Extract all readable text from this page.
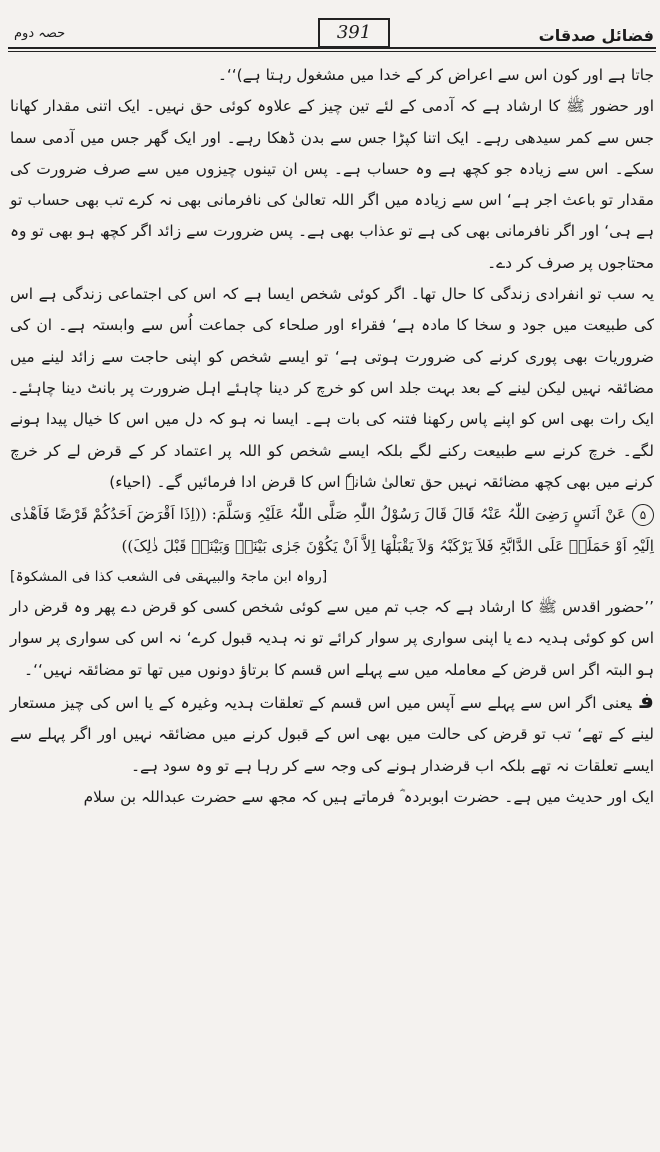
حصہ دوم	391	فضائل صدقات

جاتا ہے اور کون اس سے اعراض کر کے خدا میں مشغول رہتا ہے)‘‘۔

اور حضور ﷺ کا ارشاد ہے کہ آدمی کے لئے تین چیز کے علاوہ کوئی حق نہیں۔ ایک اتنی مقدار کھانا جس سے کمر سیدھی رہے۔ ایک اتنا کپڑا جس سے بدن ڈھکا رہے۔ اور ایک گھر جس میں آدمی سما سکے۔ اس سے زیادہ جو کچھ ہے وہ حساب ہے۔ پس ان تینوں چیزوں میں سے صرف ضرورت کی مقدار تو باعث اجر ہے‘ اس سے زیادہ میں اگر اللہ تعالیٰ کی نافرمانی بھی نہ کرے تب بھی حساب تو ہے ہی‘ اور اگر نافرمانی بھی کی ہے تو عذاب بھی ہے۔ پس ضرورت سے زائد اگر کچھ ہو بھی تو وہ محتاجوں پر صرف کر دے۔

یہ سب تو انفرادی زندگی کا حال تھا۔ اگر کوئی شخص ایسا ہے کہ اس کی اجتماعی زندگی ہے اس کی طبیعت میں جود و سخا کا مادہ ہے‘ فقراء اور صلحاء کی جماعت اُس سے وابستہ ہے۔ ان کی ضروریات بھی پوری کرنے کی ضرورت ہوتی ہے‘ تو ایسے شخص کو اپنی حاجت سے زائد لینے میں مضائقہ نہیں لیکن لینے کے بعد بہت جلد اس کو خرچ کر دینا چاہئے اہل ضرورت پر بانٹ دینا چاہئے۔ ایک رات بھی اس کو اپنے پاس رکھنا فتنہ کی بات ہے۔ ایسا نہ ہو کہ دل میں اس کا خیال پیدا ہونے لگے۔ خرچ کرنے سے طبیعت رکنے لگے بلکہ ایسے شخص کو اللہ پر اعتماد کر کے قرض لے کر خرچ کرنے میں بھی کچھ مضائقہ نہیں حق تعالیٰ شانہٗ اس کا قرض ادا فرمائیں گے۔ (احیاء)

۵عَنْ اَنَسٍ رَضِیَ اللّٰہُ عَنْہُ قَالَ قَالَ رَسُوْلُ اللّٰہِ صَلَّی اللّٰہُ عَلَیْہِ وَسَلَّمَ: ((اِذَا اَقْرَضَ اَحَدُکُمْ قَرْضًا فَاَھْدٰی اِلَیْہِ اَوْ حَمَلَہٗ عَلَی الدَّابَّۃِ فَلاَ یَرْکَبْہُ وَلاَ یَقْبَلْھَا اِلاَّ اَنْ یَکُوْنَ جَرٰی بَیْنَہٗ وَبَیْنَہٗ قَبْلَ ذٰلِکَ))

[رواہ ابن ماجۃ والبیہقی فی الشعب کذا فی المشکوۃ]

’’حضور اقدس ﷺ کا ارشاد ہے کہ جب تم میں سے کوئی شخص کسی کو قرض دے پھر وہ قرض دار اس کو کوئی ہدیہ دے یا اپنی سواری پر سوار کرائے تو نہ ہدیہ قبول کرے‘ نہ اس کی سواری پر سوار ہو البتہ اگر اس قرض کے معاملہ میں سے پہلے اس قسم کا برتاؤ دونوں میں تھا تو مضائقہ نہیں‘‘۔

فیعنی اگر اس سے پہلے سے آپس میں اس قسم کے تعلقات ہدیہ وغیرہ کے یا اس کی چیز مستعار لینے کے تھے‘ تب تو قرض کی حالت میں بھی اس کے قبول کرنے میں مضائقہ نہیں اور اگر پہلے سے ایسے تعلقات نہ تھے بلکہ اب قرضدار ہونے کی وجہ سے کر رہا ہے تو وہ سود ہے۔

ایک اور حدیث میں ہے۔ حضرت ابوبردہ ؓ فرماتے ہیں کہ مجھ سے حضرت عبداللہ بن سلام
